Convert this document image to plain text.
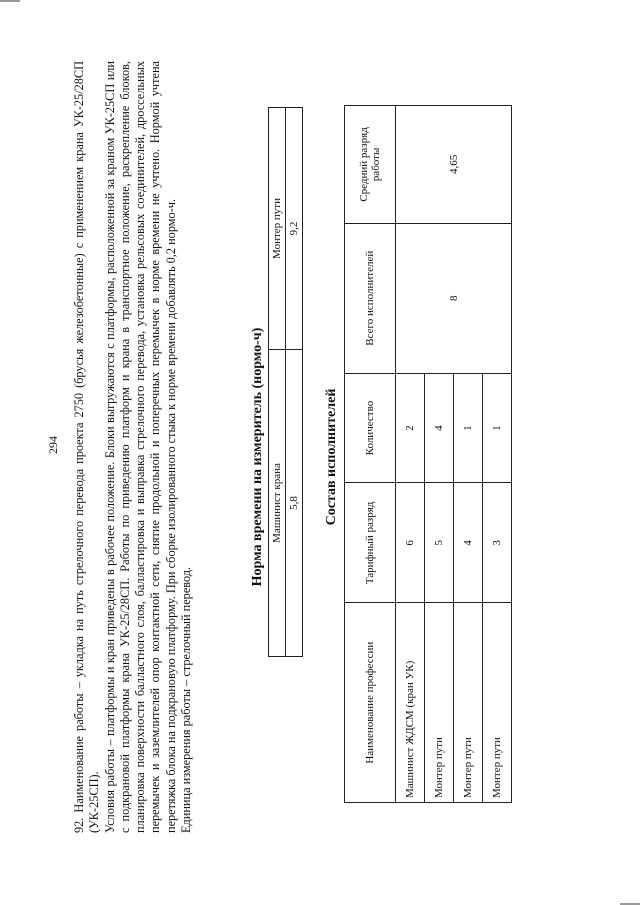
294 92. Наименование работы – укладка на путь стрелочного перевода проекта 2750 (брусья железобетонные) с применением крана УК-25/28СП (УК-25СП). Условия работы – платформы и кран приведены в рабочее положение. Блоки выгружаются с платформы, расположенной за краном УК-25СП или с подкрановой платформы крана УК-25/28СП. Работы по приведению платформ и крана в транспортное положение, раскрепление блоков, планировка поверхности балластного слоя, балластировка и выправка стрелочного перевода, установка рельсовых соединителей, дроссельных перемычек и заземлителей опор контактной сети, снятие продольной и поперечных перемычек в норме времени не учтено. Нормой учтена перетяжка блока на подкрановую платформу. При сборке изолированного стыка к норме времени добавлять 0,2 нормо-ч. Единица измерения работы – стрелочный перевод.

Норма времени на измеритель (нормо-ч) Машинист крана	Монтер пути
5,8	9,2
Состав исполнителей
Наименование профессии	Тарифный разряд	Количество	Всего исполнителей	Средний разряд работы
Машинист ЖДСМ (кран УК)	6	2	8	4,65
Монтер пути	5	4		
Монтер пути	4	1		
Монтер пути	3	1		
